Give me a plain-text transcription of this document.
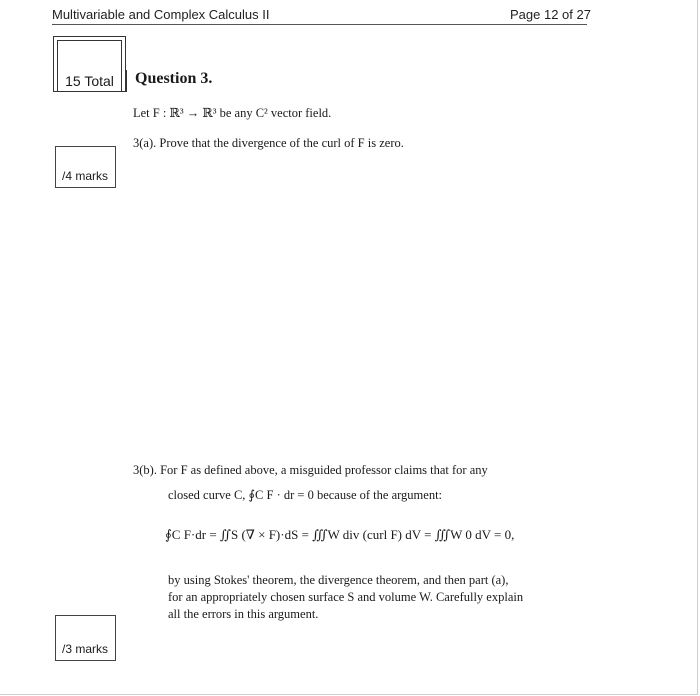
Multivariable and Complex Calculus II	Page 12 of 27
15 Total	Question 3.
Let F : ℝ³ → ℝ³ be any C² vector field.
3(a). Prove that the divergence of the curl of F is zero.
/4 marks
3(b). For F as defined above, a misguided professor claims that for any
closed curve C, ∮C F · dr = 0 because of the argument:
∮C F·dr = ∬S (∇ × F)·dS = ∭W div (curl F) dV = ∭W 0 dV = 0,
by using Stokes' theorem, the divergence theorem, and then part (a),
for an appropriately chosen surface S and volume W. Carefully explain
all the errors in this argument.
/3 marks
